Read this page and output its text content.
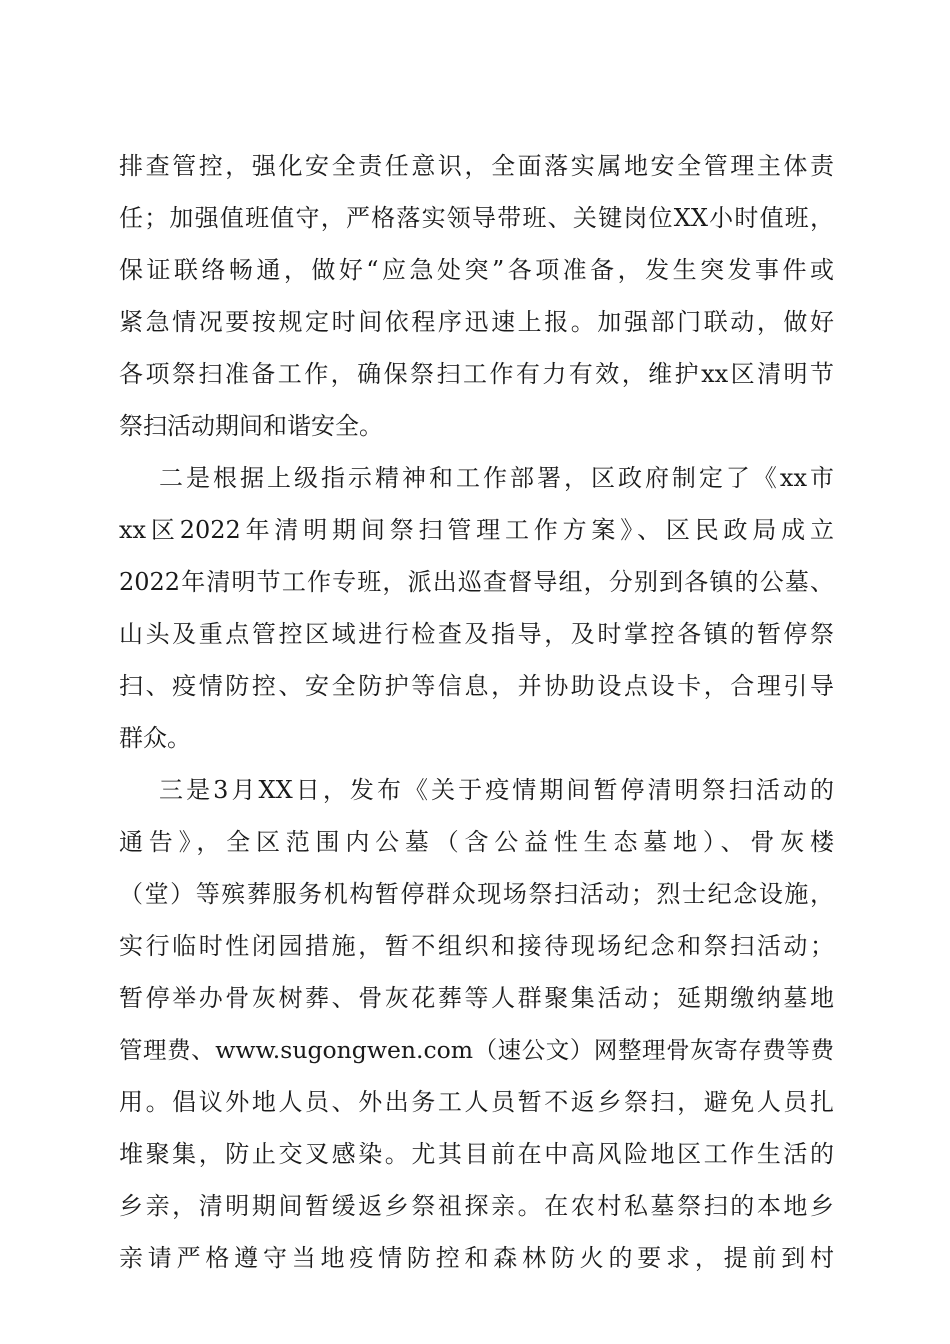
排查管控，强化安全责任意识，全面落实属地安全管理主体责
任；加强值班值守，严格落实领导带班、关键岗位XX小时值班，
保证联络畅通，做好“应急处突”各项准备，发生突发事件或
紧急情况要按规定时间依程序迅速上报。加强部门联动，做好
各项祭扫准备工作，确保祭扫工作有力有效，维护xx区清明节
祭扫活动期间和谐安全。
二是根据上级指示精神和工作部署，区政府制定了《xx市
xx区2022年清明期间祭扫管理工作方案》、区民政局成立
2022年清明节工作专班，派出巡查督导组，分别到各镇的公墓、
山头及重点管控区域进行检查及指导，及时掌控各镇的暂停祭
扫、疫情防控、安全防护等信息，并协助设点设卡，合理引导
群众。
三是3月XX日，发布《关于疫情期间暂停清明祭扫活动的
通告》，全区范围内公墓（含公益性生态墓地）、骨灰楼
（堂）等殡葬服务机构暂停群众现场祭扫活动；烈士纪念设施，
实行临时性闭园措施，暂不组织和接待现场纪念和祭扫活动；
暂停举办骨灰树葬、骨灰花葬等人群聚集活动；延期缴纳墓地
管理费、www.sugongwen.com（速公文）网整理骨灰寄存费等费
用。倡议外地人员、外出务工人员暂不返乡祭扫，避免人员扎
堆聚集，防止交叉感染。尤其目前在中高风险地区工作生活的
乡亲，清明期间暂缓返乡祭祖探亲。在农村私墓祭扫的本地乡
亲请严格遵守当地疫情防控和森林防火的要求，提前到村
